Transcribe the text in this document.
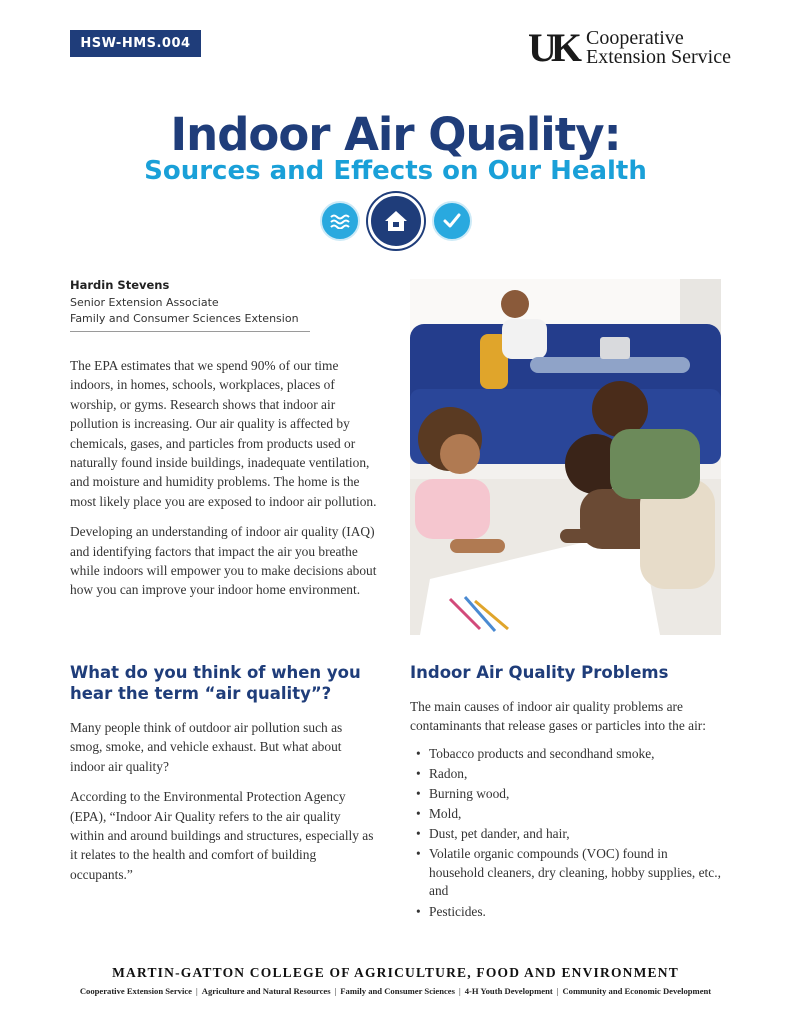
HSW-HMS.004	UK Cooperative
Extension Service
Indoor Air Quality:
Sources and Effects on Our Health
Hardin Stevens
Senior Extension Associate
Family and Consumer Sciences Extension

The EPA estimates that we spend 90% of our time indoors, in homes, schools, workplaces, places of worship, or gyms. Research shows that indoor air pollution is increasing. Our air quality is affected by chemicals, gases, and particles from products used or naturally found inside buildings, inadequate ventilation, and moisture and humidity problems. The home is the most likely place you are exposed to indoor air pollution.

Developing an understanding of indoor air quality (IAQ) and identifying factors that impact the air you breathe while indoors will empower you to make decisions about how you can improve your indoor home environment.

What do you think of when you hear the term “air quality”?

Many people think of outdoor air pollution such as smog, smoke, and vehicle exhaust. But what about indoor air quality?

According to the Environmental Protection Agency (EPA), “Indoor Air Quality refers to the air quality within and around buildings and structures, especially as it relates to the health and comfort of building occupants.”

Indoor Air Quality Problems

The main causes of indoor air quality problems are contaminants that release gases or particles into the air:

• Tobacco products and secondhand smoke,
• Radon,
• Burning wood,
• Mold,
• Dust, pet dander, and hair,
• Volatile organic compounds (VOC) found in household cleaners, dry cleaning, hobby supplies, etc., and
• Pesticides.
MARTIN-GATTON COLLEGE OF AGRICULTURE, FOOD AND ENVIRONMENT
Cooperative Extension Service | Agriculture and Natural Resources | Family and Consumer Sciences | 4-H Youth Development | Community and Economic Development
